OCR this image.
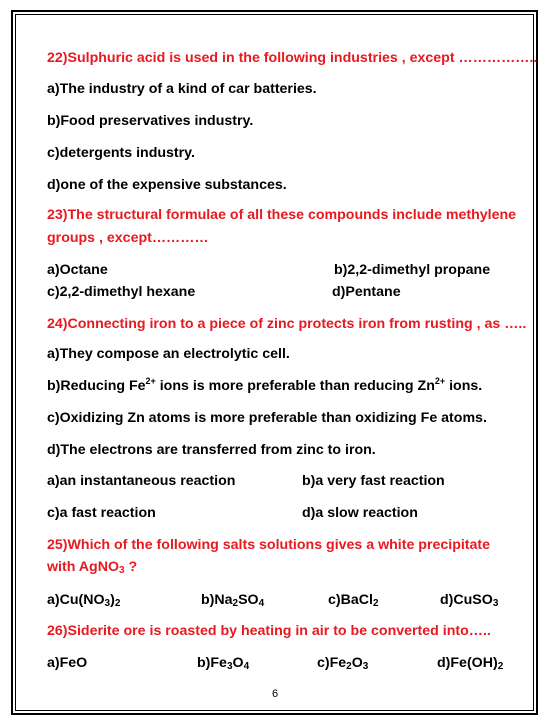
22)Sulphuric acid is used in the following industries , except ……………..
a)The industry of a kind of car batteries.
b)Food preservatives industry.
c)detergents industry.
d)one of the expensive substances.
23)The structural formulae of all these compounds include methylene
groups , except…………
a)Octane	b)2,2-dimethyl propane
c)2,2-dimethyl hexane	d)Pentane
24)Connecting iron to a piece of zinc protects iron from rusting , as …..
a)They compose an electrolytic cell.
b)Reducing $Fe^{2+}$ ions is more preferable than reducing $Zn^{2+}$ ions.
c)Oxidizing Zn atoms is more preferable than oxidizing Fe atoms.
d)The electrons are transferred from zinc to iron.
a)an instantaneous reaction	b)a very fast reaction
c)a fast reaction	d)a slow reaction
25)Which of the following salts solutions gives a white precipitate
with AgNO$_3$ ?
$a)Cu(NO_3)_2$	$b)Na_2SO_4$	c)BaCl$_2$	d)CuSO$_3$
26)Siderite ore is roasted by heating in air to be converted into…..
a)FeO	$b)Fe_3O_4$	$c)Fe_2O_3$	$d)Fe(OH)_2$
6
